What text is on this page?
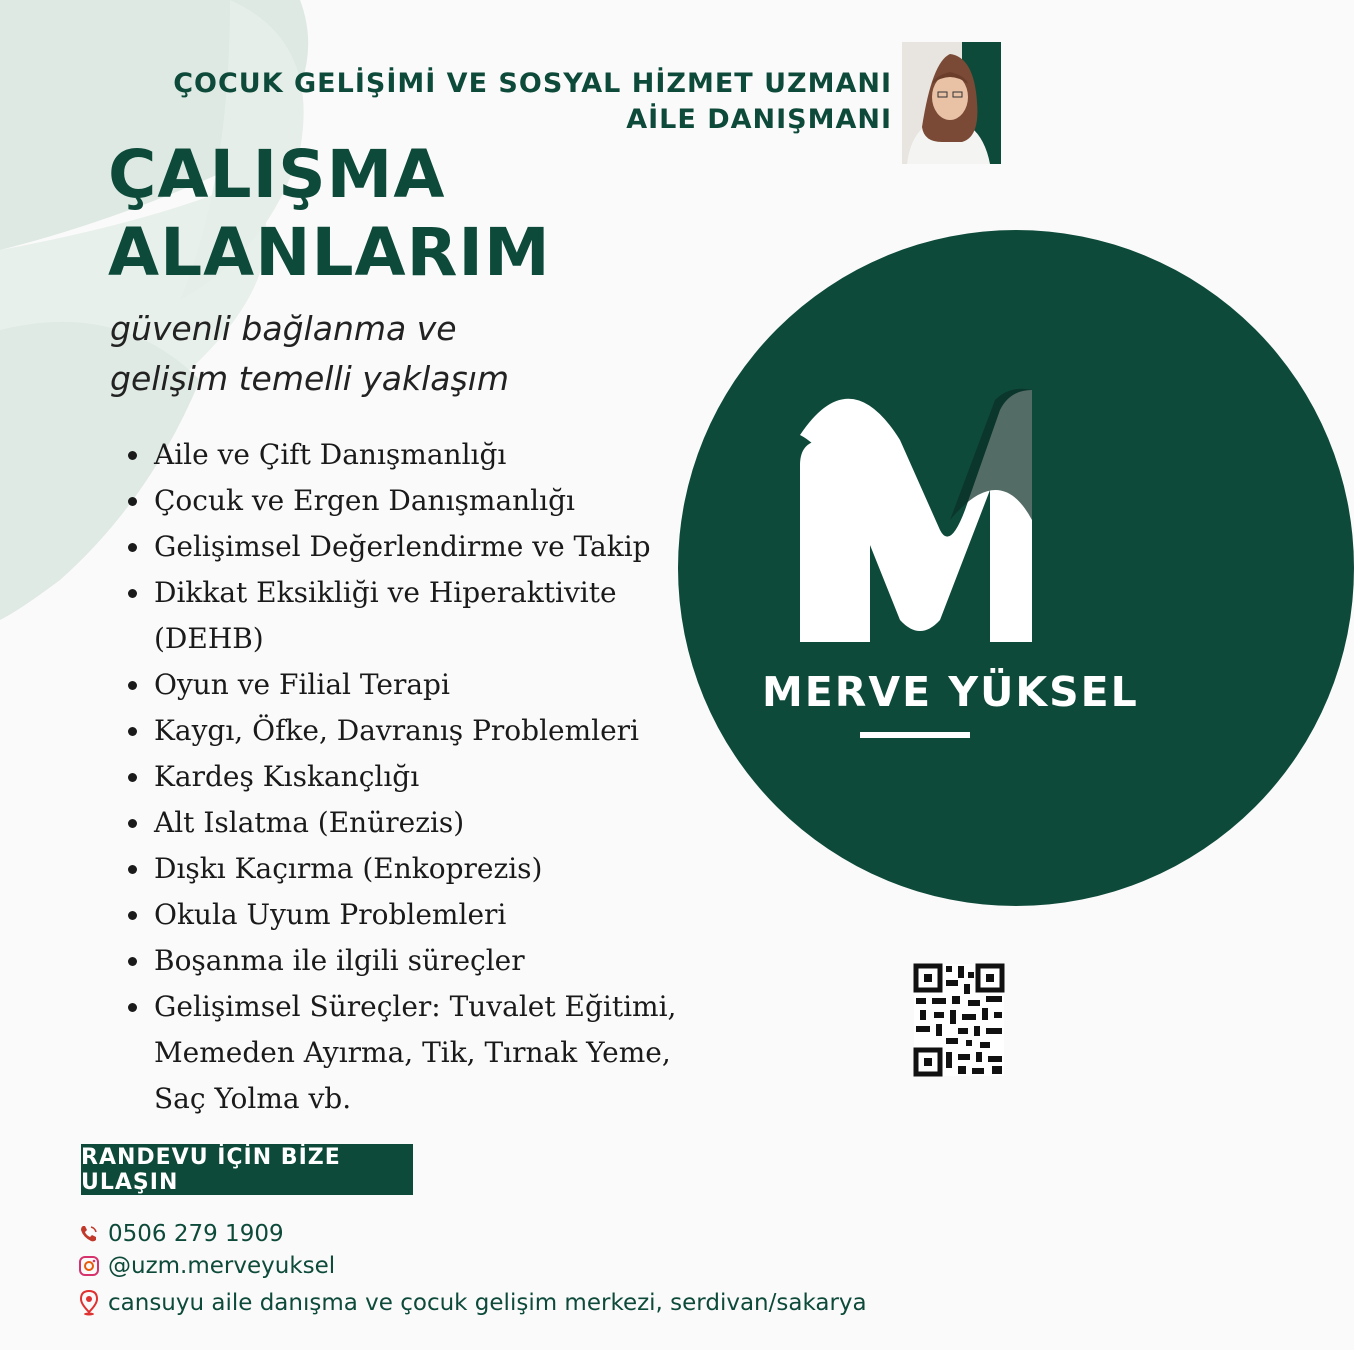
ÇOCUK GELİŞİMİ VE SOSYAL HİZMET UZMANI
AİLE DANIŞMANI
ÇALIŞMA
ALANLARIM
güvenli bağlanma ve
gelişim temelli yaklaşım
Aile ve Çift Danışmanlığı
Çocuk ve Ergen Danışmanlığı
Gelişimsel Değerlendirme ve Takip
Dikkat Eksikliği ve Hiperaktivite (DEHB)
Oyun ve Filial Terapi
Kaygı, Öfke, Davranış Problemleri
Kardeş Kıskançlığı
Alt Islatma (Enürezis)
Dışkı Kaçırma (Enkoprezis)
Okula Uyum Problemleri
Boşanma ile ilgili süreçler
Gelişimsel Süreçler: Tuvalet Eğitimi, Memeden Ayırma, Tik, Tırnak Yeme, Saç Yolma vb.
MERVE YÜKSEL
RANDEVU İÇİN BİZE ULAŞIN
0506 279 1909
@uzm.merveyuksel
cansuyu aile danışma ve çocuk gelişim merkezi, serdivan/sakarya
